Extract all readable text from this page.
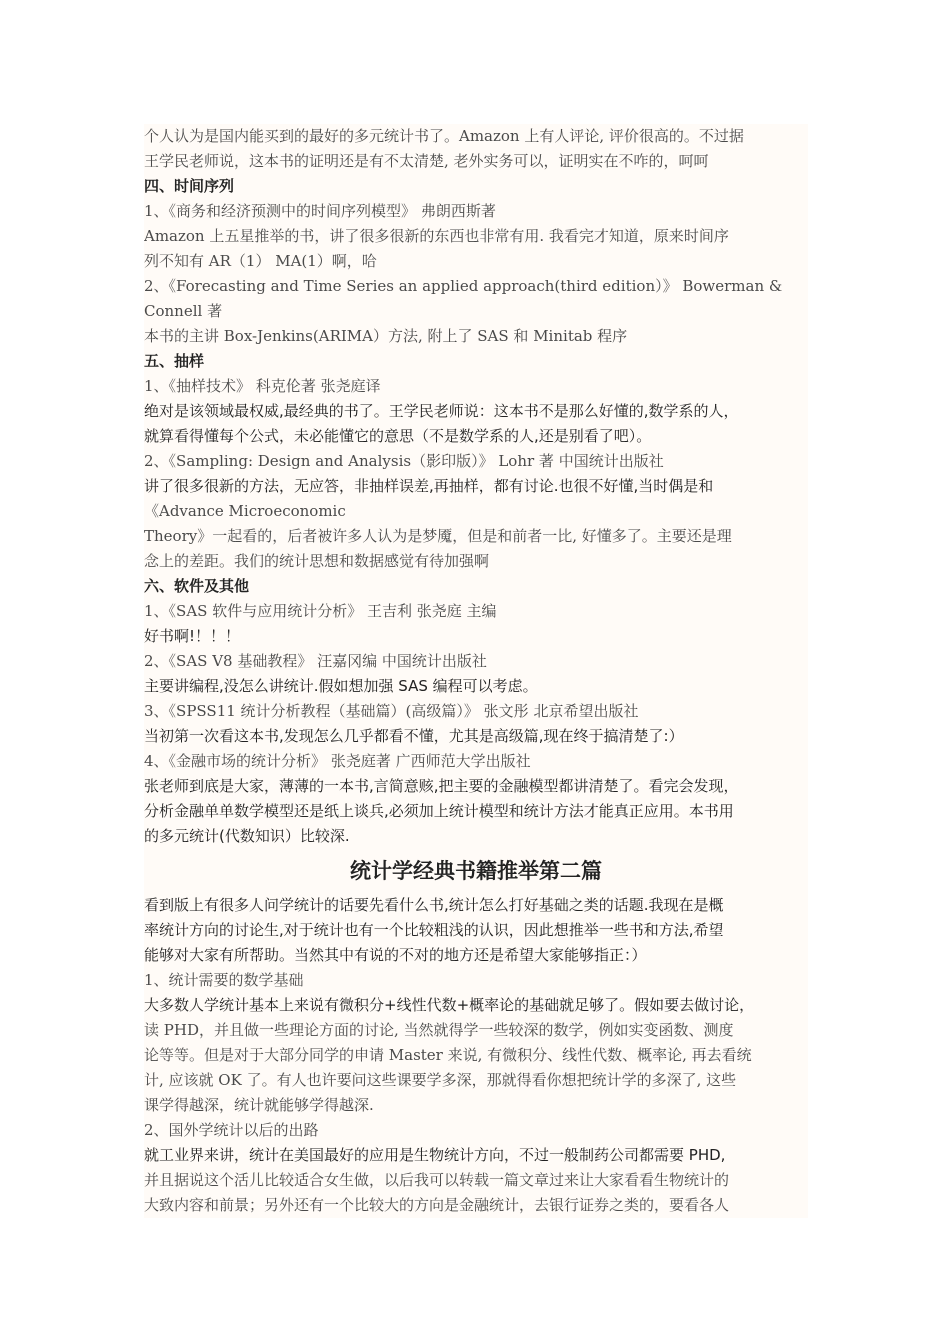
个人认为是国内能买到的最好的多元统计书了。Amazon 上有人评论, 评价很高的。不过据
王学民老师说，这本书的证明还是有不太清楚, 老外实务可以，证明实在不咋的，呵呵
四、时间序列
1、《商务和经济预测中的时间序列模型》 弗朗西斯著
Amazon 上五星推举的书，讲了很多很新的东西也非常有用. 我看完才知道，原来时间序
列不知有 AR（1） MA(1）啊，哈
2、《Forecasting and Time Series an applied approach(third edition）》 Bowerman &
Connell 著
本书的主讲 Box-Jenkins(ARIMA）方法, 附上了 SAS 和 Minitab 程序
五、抽样
1、《抽样技术》 科克伦著 张尧庭译
绝对是该领域最权威,最经典的书了。王学民老师说：这本书不是那么好懂的,数学系的人，
就算看得懂每个公式，未必能懂它的意思（不是数学系的人,还是别看了吧）。
2、《Sampling: Design and Analysis（影印版）》 Lohr 著 中国统计出版社
讲了很多很新的方法，无应答，非抽样误差,再抽样，都有讨论.也很不好懂,当时偶是和
《Advance Microeconomic
Theory》一起看的，后者被许多人认为是梦魇，但是和前者一比, 好懂多了。主要还是理
念上的差距。我们的统计思想和数据感觉有待加强啊
六、软件及其他
1、《SAS 软件与应用统计分析》 王吉利 张尧庭 主编
好书啊!！！！
2、《SAS V8 基础教程》 汪嘉冈编 中国统计出版社
主要讲编程,没怎么讲统计.假如想加强 SAS 编程可以考虑。
3、《SPSS11 统计分析教程（基础篇）(高级篇）》 张文彤 北京希望出版社
当初第一次看这本书,发现怎么几乎都看不懂，尤其是高级篇,现在终于搞清楚了:）
4、《金融市场的统计分析》 张尧庭著 广西师范大学出版社
张老师到底是大家，薄薄的一本书,言简意赅,把主要的金融模型都讲清楚了。看完会发现，
分析金融单单数学模型还是纸上谈兵,必须加上统计模型和统计方法才能真正应用。本书用
的多元统计(代数知识）比较深.
统计学经典书籍推举第二篇
看到版上有很多人问学统计的话要先看什么书,统计怎么打好基础之类的话题.我现在是概
率统计方向的讨论生,对于统计也有一个比较粗浅的认识，因此想推举一些书和方法,希望
能够对大家有所帮助。当然其中有说的不对的地方还是希望大家能够指正：）
1、统计需要的数学基础
大多数人学统计基本上来说有微积分+线性代数+概率论的基础就足够了。假如要去做讨论，
读 PHD，并且做一些理论方面的讨论, 当然就得学一些较深的数学，例如实变函数、测度
论等等。但是对于大部分同学的申请 Master 来说, 有微积分、线性代数、概率论, 再去看统
计, 应该就 OK 了。有人也许要问这些课要学多深，那就得看你想把统计学的多深了, 这些
课学得越深，统计就能够学得越深.
2、国外学统计以后的出路
就工业界来讲，统计在美国最好的应用是生物统计方向，不过一般制药公司都需要 PHD,
并且据说这个活儿比较适合女生做，以后我可以转载一篇文章过来让大家看看生物统计的
大致内容和前景；另外还有一个比较大的方向是金融统计，去银行证券之类的，要看各人
